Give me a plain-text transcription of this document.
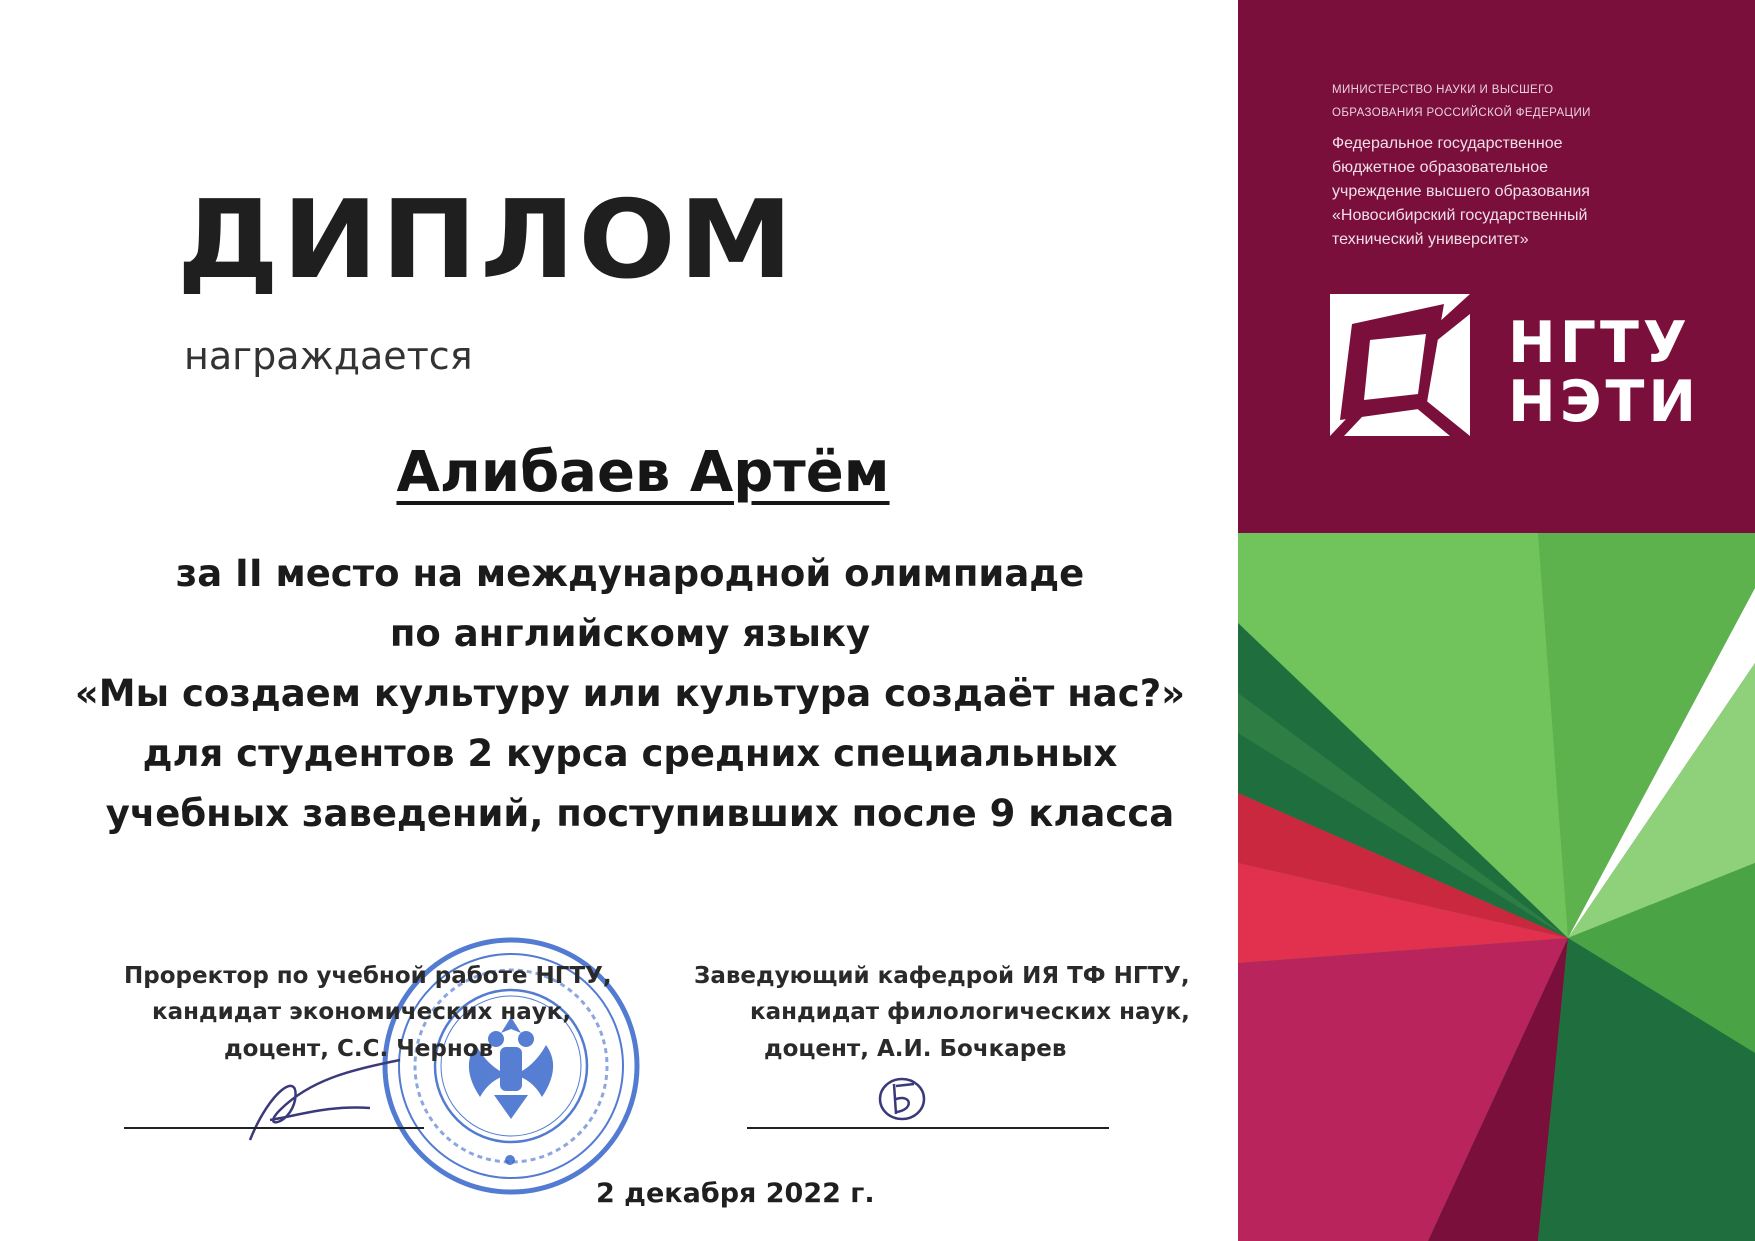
МИНИСТЕРСТВО НАУКИ И ВЫСШЕГО
ОБРАЗОВАНИЯ РОССИЙСКОЙ ФЕДЕРАЦИИ
Федеральное государственное
бюджетное образовательное
учреждение высшего образования
«Новосибирский государственный
технический университет»
НГТУ
НЭТИ
ДИПЛОМ
награждается
Алибаев Артём
за II место на международной олимпиаде
по английскому языку
«Мы создаем культуру или культура создаёт нас?»
для студентов 2 курса средних специальных
учебных заведений, поступивших после 9 класса
Проректор по учебной работе НГТУ,
кандидат экономических наук,
доцент, С.С. Чернов
Заведующий кафедрой ИЯ ТФ НГТУ,
кандидат филологических наук,
доцент, А.И. Бочкарев
2 декабря 2022 г.
